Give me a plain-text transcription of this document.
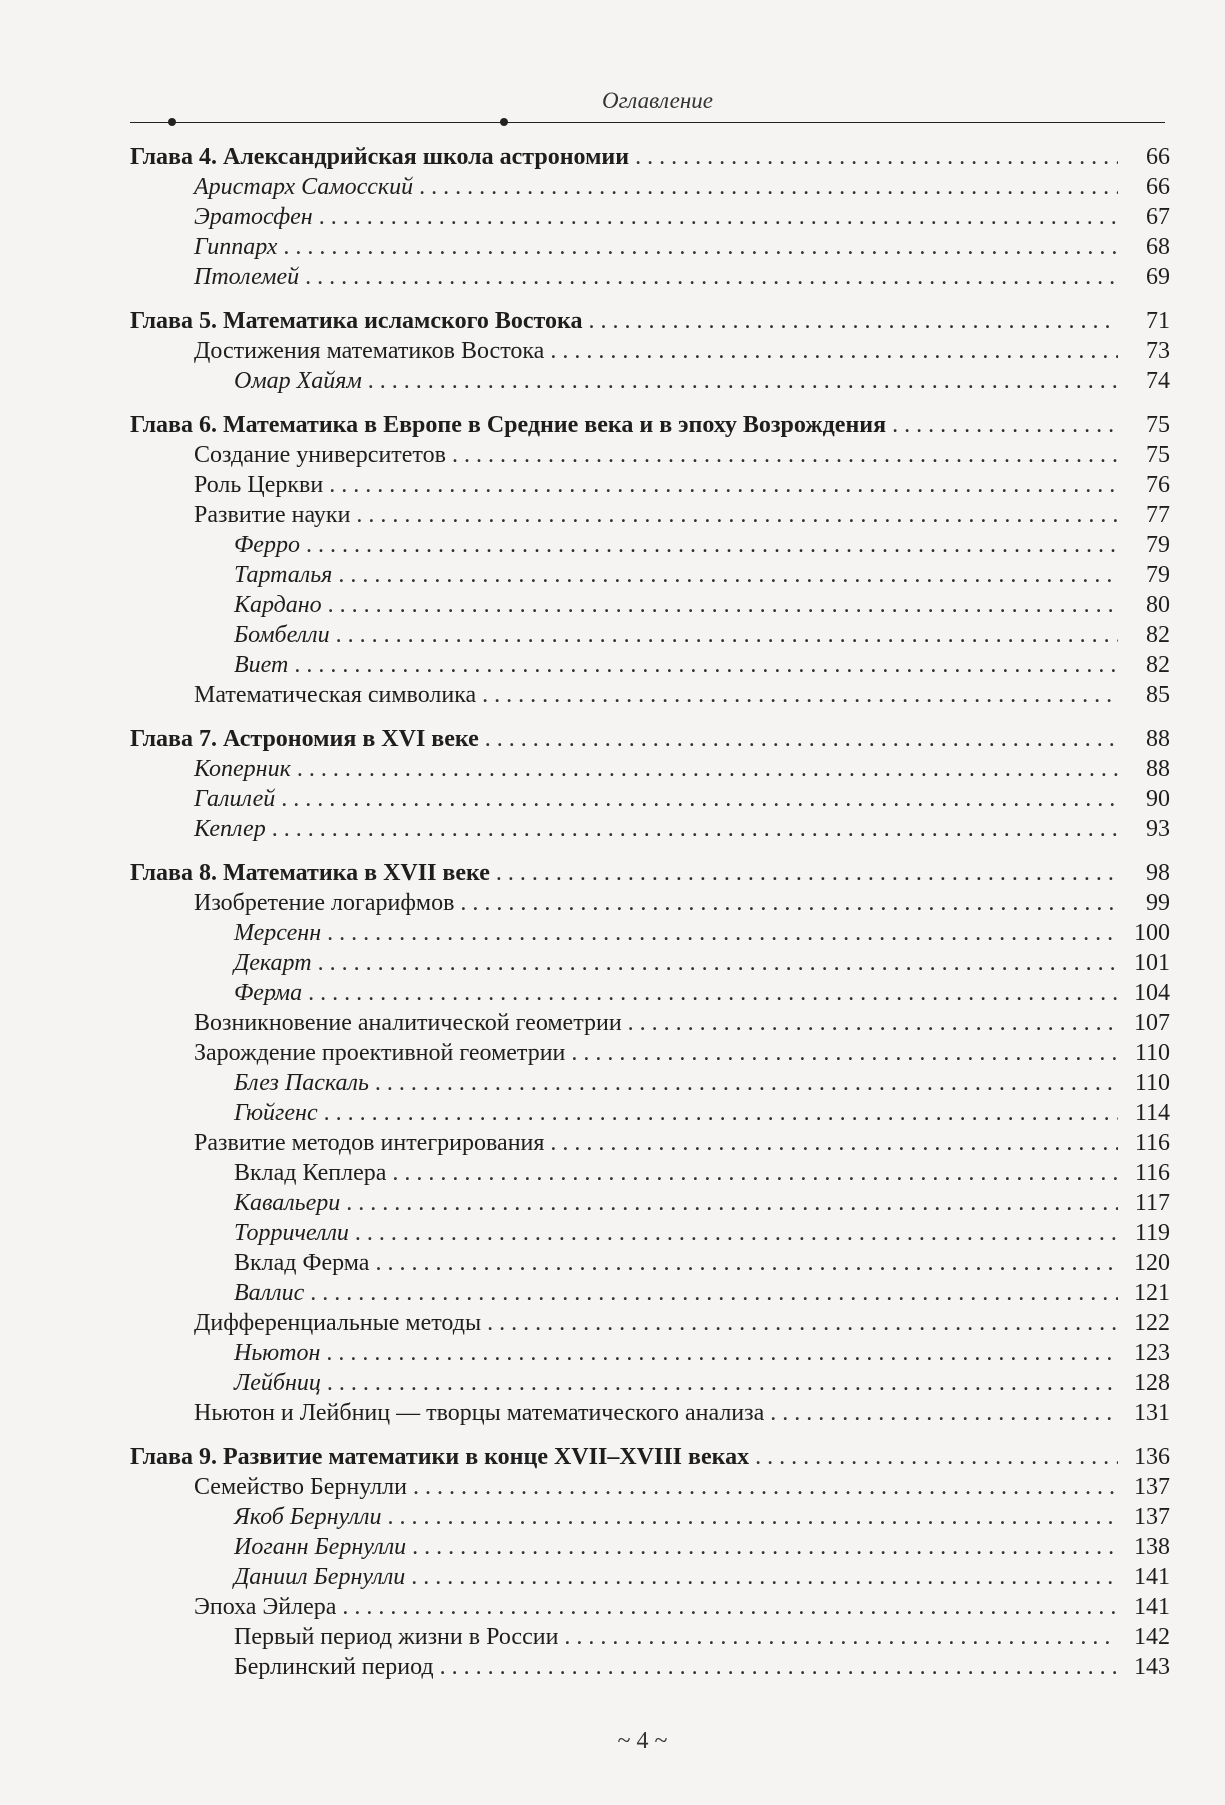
Оглавление
Глава 4. Александрийская школа астрономии . . .	66
Аристарх Самосский . . .	66
Эратосфен . . .	67
Гиппарх . . .	68
Птолемей . . .	69
Глава 5. Математика исламского Востока . . .	71
Достижения математиков Востока . . .	73
Омар Хайям . . .	74
Глава 6. Математика в Европе в Средние века и в эпоху Возрождения . . .	75
Создание университетов . . .	75
Роль Церкви . . .	76
Развитие науки . . .	77
Ферро . . .	79
Тарталья . . .	79
Кардано . . .	80
Бомбелли . . .	82
Виет . . .	82
Математическая символика . . .	85
Глава 7. Астрономия в XVI веке . . .	88
Коперник . . .	88
Галилей . . .	90
Кеплер . . .	93
Глава 8. Математика в XVII веке . . .	98
Изобретение логарифмов . . .	99
Мерсенн . . .	100
Декарт . . .	101
Ферма . . .	104
Возникновение аналитической геометрии . . .	107
Зарождение проективной геометрии . . .	110
Блез Паскаль . . .	110
Гюйгенс . . .	114
Развитие методов интегрирования . . .	116
Вклад Кеплера . . .	116
Кавальери . . .	117
Торричелли . . .	119
Вклад Ферма . . .	120
Валлис . . .	121
Дифференциальные методы . . .	122
Ньютон . . .	123
Лейбниц . . .	128
Ньютон и Лейбниц — творцы математического анализа . . .	131
Глава 9. Развитие математики в конце XVII–XVIII веках . . .	136
Семейство Бернулли . . .	137
Якоб Бернулли . . .	137
Иоганн Бернулли . . .	138
Даниил Бернулли . . .	141
Эпоха Эйлера . . .	141
Первый период жизни в России . . .	142
Берлинский период . . .	143
~ 4 ~
